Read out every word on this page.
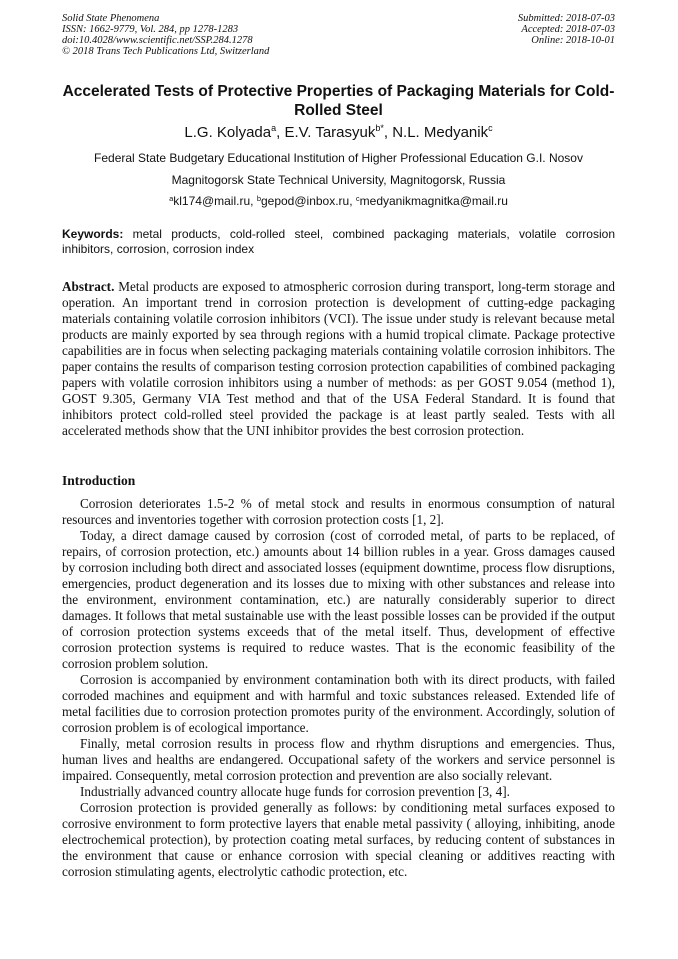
Solid State Phenomena
ISSN: 1662-9779, Vol. 284, pp 1278-1283
doi:10.4028/www.scientific.net/SSP.284.1278
© 2018 Trans Tech Publications Ltd, Switzerland
Submitted: 2018-07-03
Accepted: 2018-07-03
Online: 2018-10-01
Accelerated Tests of Protective Properties of Packaging Materials for Cold-Rolled Steel
L.G. Kolyada$^a$, E.V. Tarasyuk$^{b*}$, N.L. Medyanik$^c$
Federal State Budgetary Educational Institution of Higher Professional Education G.I. Nosov
Magnitogorsk State Technical University, Magnitogorsk, Russia
$^a$kl174@mail.ru, $^b$gepod@inbox.ru, $^c$medyanikmagnitka@mail.ru

Keywords: metal products, cold-rolled steel, combined packaging materials, volatile corrosion inhibitors, corrosion, corrosion index

Abstract. Metal products are exposed to atmospheric corrosion during transport, long-term storage and operation. An important trend in corrosion protection is development of cutting-edge packaging materials containing volatile corrosion inhibitors (VCI). The issue under study is relevant because metal products are mainly exported by sea through regions with a humid tropical climate. Package protective capabilities are in focus when selecting packaging materials containing volatile corrosion inhibitors. The paper contains the results of comparison testing corrosion protection capabilities of combined packaging papers with volatile corrosion inhibitors using a number of methods: as per GOST 9.054 (method 1), GOST 9.305, Germany VIA Test method and that of the USA Federal Standard. It is found that inhibitors protect cold-rolled steel provided the package is at least partly sealed. Tests with all accelerated methods show that the UNI inhibitor provides the best corrosion protection.

Introduction

Corrosion deteriorates 1.5-2 % of metal stock and results in enormous consumption of natural resources and inventories together with corrosion protection costs [1, 2].

Today, a direct damage caused by corrosion (cost of corroded metal, of parts to be replaced, of repairs, of corrosion protection, etc.) amounts about 14 billion rubles in a year. Gross damages caused by corrosion including both direct and associated losses (equipment downtime, process flow disruptions, emergencies, product degeneration and its losses due to mixing with other substances and release into the environment, environment contamination, etc.) are naturally considerably superior to direct damages. It follows that metal sustainable use with the least possible losses can be provided if the output of corrosion protection systems exceeds that of the metal itself. Thus, development of effective corrosion protection systems is required to reduce wastes. That is the economic feasibility of the corrosion problem solution.

Corrosion is accompanied by environment contamination both with its direct products, with failed corroded machines and equipment and with harmful and toxic substances released. Extended life of metal facilities due to corrosion protection promotes purity of the environment. Accordingly, solution of corrosion problem is of ecological importance.

Finally, metal corrosion results in process flow and rhythm disruptions and emergencies. Thus, human lives and healths are endangered. Occupational safety of the workers and service personnel is impaired. Consequently, metal corrosion protection and prevention are also socially relevant.

Industrially advanced country allocate huge funds for corrosion prevention [3, 4].

Corrosion protection is provided generally as follows: by conditioning metal surfaces exposed to corrosive environment to form protective layers that enable metal passivity ( alloying, inhibiting, anode electrochemical protection), by protection coating metal surfaces, by reducing content of substances in the environment that cause or enhance corrosion with special cleaning or additives reacting with corrosion stimulating agents, electrolytic cathodic protection, etc.
